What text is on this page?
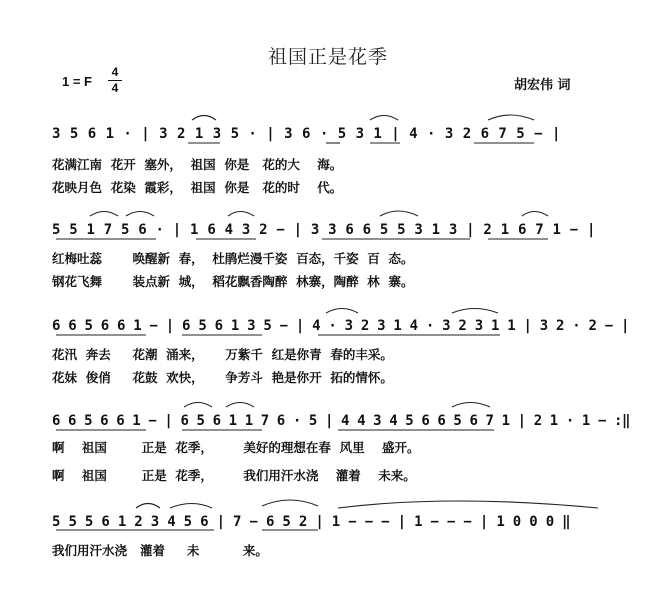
祖国正是花季
1 = F
4
4	胡宏伟 词
3 5 6 1 · | 3 2 1 3 5 · | 3 6 · 5 3 1 | 4 · 3 2 6 7 5 − |
花满江南  花开  塞外，  祖国  你是   花的大    海。
花映月色  花染  霞彩，  祖国  你是   花的时    代。
5 5 1 7 5 6 · | 1 6 4 3 2 − | 3 3 6 6 5 5 3 1 3 | 2 1 6 7 1 − |
红梅吐蕊       唤醒新  春，  杜鹃烂漫千姿  百态，千姿  百  态。
钢花飞舞       装点新  城，  稻花飘香陶醉  林寨，陶醉  林  寨。
6 6 5 6 6 1 − | 6 5 6 1 3 5 − | 4 · 3 2 3 1 4 · 3 2 3 1 1 | 3 2 · 2 − |
花汛  奔去     花潮  涌来，     万紫千  红是你青  春的丰采。
花妹  俊俏     花鼓  欢快，     争芳斗  艳是你开  拓的情怀。
6 6 5 6 6 1 − | 6 5 6 1 1 7 6 · 5 | 4 4 3 4 5 6 6 5 6 7 1 | 2 1 · 1 − :‖
啊    祖国        正是  花季，       美好的理想在春  风里    盛开。
啊    祖国        正是  花季，       我们用汗水浇    灌着    未来。
5 5 5 6 1 2 3 4 5 6 | 7 − 6 5 2 | 1 − − − | 1 − − − | 1 0 0 0 ‖
我们用汗水浇   灌着     未          来。
